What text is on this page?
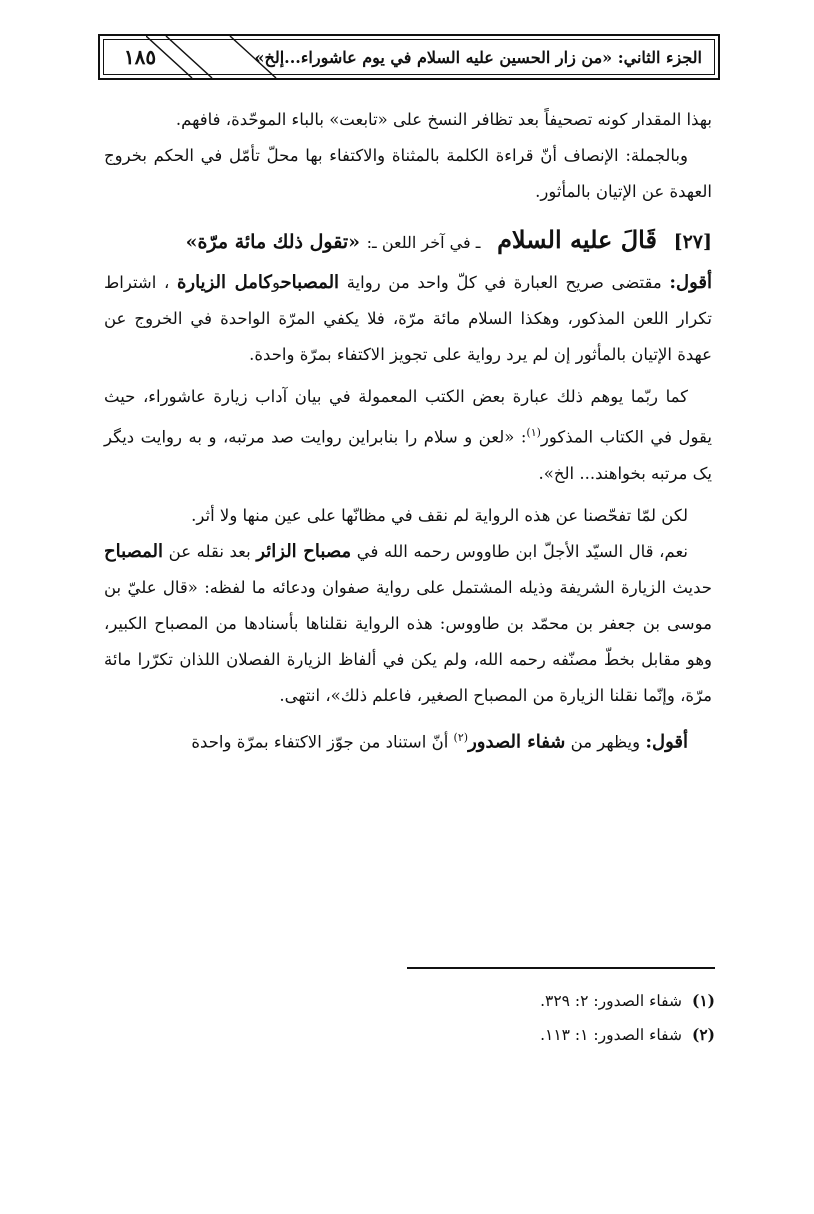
١٨٥	الجزء الثاني: «من زار الحسين عليه السلام في يوم عاشوراء...إلخ»

بهذا المقدار كونه تصحيفاً بعد تظافر النسخ على «تابعت» بالباء الموحّدة، فافهم.

وبالجملة: الإنصاف أنّ قراءة الكلمة بالمثناة والاكتفاء بها محلّ تأمّل في الحكم بخروج العهدة عن الإتيان بالمأثور.

[٢٧] قَالَ عليه السلام ـ في آخر اللعن ـ: «تقول ذلك مائة مرّة»

أقول: مقتضى صريح العبارة في كلّ واحد من رواية المصباحوكامل الزيارة ، اشتراط تكرار اللعن المذكور، وهكذا السلام مائة مرّة، فلا يكفي المرّة الواحدة في الخروج عن عهدة الإتيان بالمأثور إن لم يرد رواية على تجويز الاكتفاء بمرّة واحدة.

كما ربّما يوهم ذلك عبارة بعض الكتب المعمولة في بيان آداب زيارة عاشوراء، حيث يقول في الكتاب المذكور$^{(١)}$: «لعن و سلام را بنابراين روايت صد مرتبه، و به روايت ديگر يک مرتبه بخواهند... الخ».

لكن لمّا تفحّصنا عن هذه الرواية لم نقف في مظانّها على عين منها ولا أثر.

نعم، قال السيّد الأجلّ ابن طاووس رحمه الله في مصباح الزائر بعد نقله عن المصباح حديث الزيارة الشريفة وذيله المشتمل على رواية صفوان ودعائه ما لفظه: «قال عليّ بن موسى بن جعفر بن محمّد بن طاووس: هذه الرواية نقلناها بأسنادها من المصباح الكبير، وهو مقابل بخطّ مصنّفه رحمه الله، ولم يكن في ألفاظ الزيارة الفصلان اللذان تكرّرا مائة مرّة، وإنّما نقلنا الزيارة من المصباح الصغير، فاعلم ذلك»، انتهى.

أقول: ويظهر من شفاء الصدور$^{(٢)}$ أنّ استناد من جوّز الاكتفاء بمرّة واحدة

(١)شفاء الصدور: ٢: ٣٢٩.
(٢)شفاء الصدور: ١: ١١٣.
